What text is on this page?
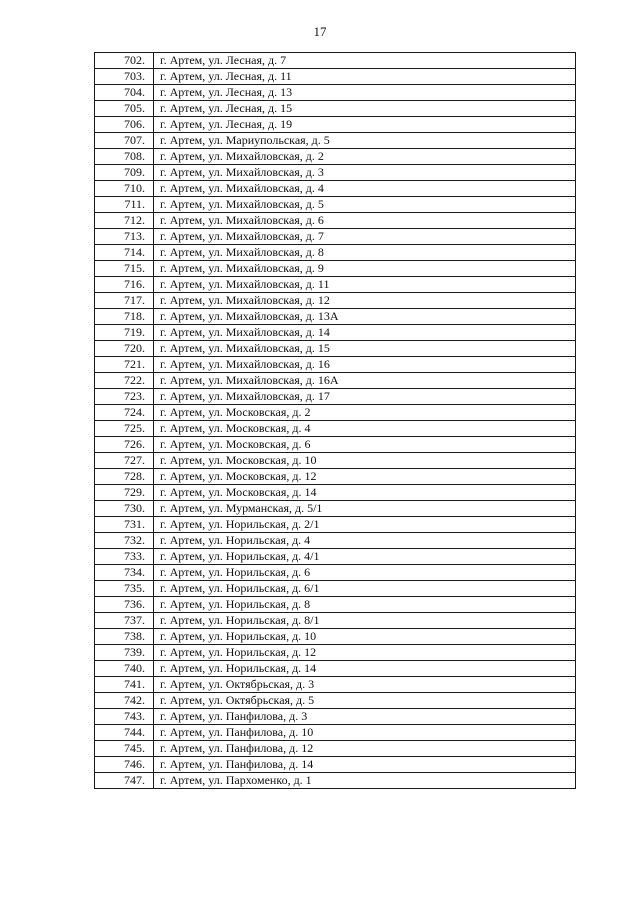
17
702.	г. Артем, ул. Лесная, д. 7
703.	г. Артем, ул. Лесная, д. 11
704.	г. Артем, ул. Лесная, д. 13
705.	г. Артем, ул. Лесная, д. 15
706.	г. Артем, ул. Лесная, д. 19
707.	г. Артем, ул. Мариупольская, д. 5
708.	г. Артем, ул. Михайловская, д. 2
709.	г. Артем, ул. Михайловская, д. 3
710.	г. Артем, ул. Михайловская, д. 4
711.	г. Артем, ул. Михайловская, д. 5
712.	г. Артем, ул. Михайловская, д. 6
713.	г. Артем, ул. Михайловская, д. 7
714.	г. Артем, ул. Михайловская, д. 8
715.	г. Артем, ул. Михайловская, д. 9
716.	г. Артем, ул. Михайловская, д. 11
717.	г. Артем, ул. Михайловская, д. 12
718.	г. Артем, ул. Михайловская, д. 13А
719.	г. Артем, ул. Михайловская, д. 14
720.	г. Артем, ул. Михайловская, д. 15
721.	г. Артем, ул. Михайловская, д. 16
722.	г. Артем, ул. Михайловская, д. 16А
723.	г. Артем, ул. Михайловская, д. 17
724.	г. Артем, ул. Московская, д. 2
725.	г. Артем, ул. Московская, д. 4
726.	г. Артем, ул. Московская, д. 6
727.	г. Артем, ул. Московская, д. 10
728.	г. Артем, ул. Московская, д. 12
729.	г. Артем, ул. Московская, д. 14
730.	г. Артем, ул. Мурманская, д. 5/1
731.	г. Артем, ул. Норильская, д. 2/1
732.	г. Артем, ул. Норильская, д. 4
733.	г. Артем, ул. Норильская, д. 4/1
734.	г. Артем, ул. Норильская, д. 6
735.	г. Артем, ул. Норильская, д. 6/1
736.	г. Артем, ул. Норильская, д. 8
737.	г. Артем, ул. Норильская, д. 8/1
738.	г. Артем, ул. Норильская, д. 10
739.	г. Артем, ул. Норильская, д. 12
740.	г. Артем, ул. Норильская, д. 14
741.	г. Артем, ул. Октябрьская, д. 3
742.	г. Артем, ул. Октябрьская, д. 5
743.	г. Артем, ул. Панфилова, д. 3
744.	г. Артем, ул. Панфилова, д. 10
745.	г. Артем, ул. Панфилова, д. 12
746.	г. Артем, ул. Панфилова, д. 14
747.	г. Артем, ул. Пархоменко, д. 1
